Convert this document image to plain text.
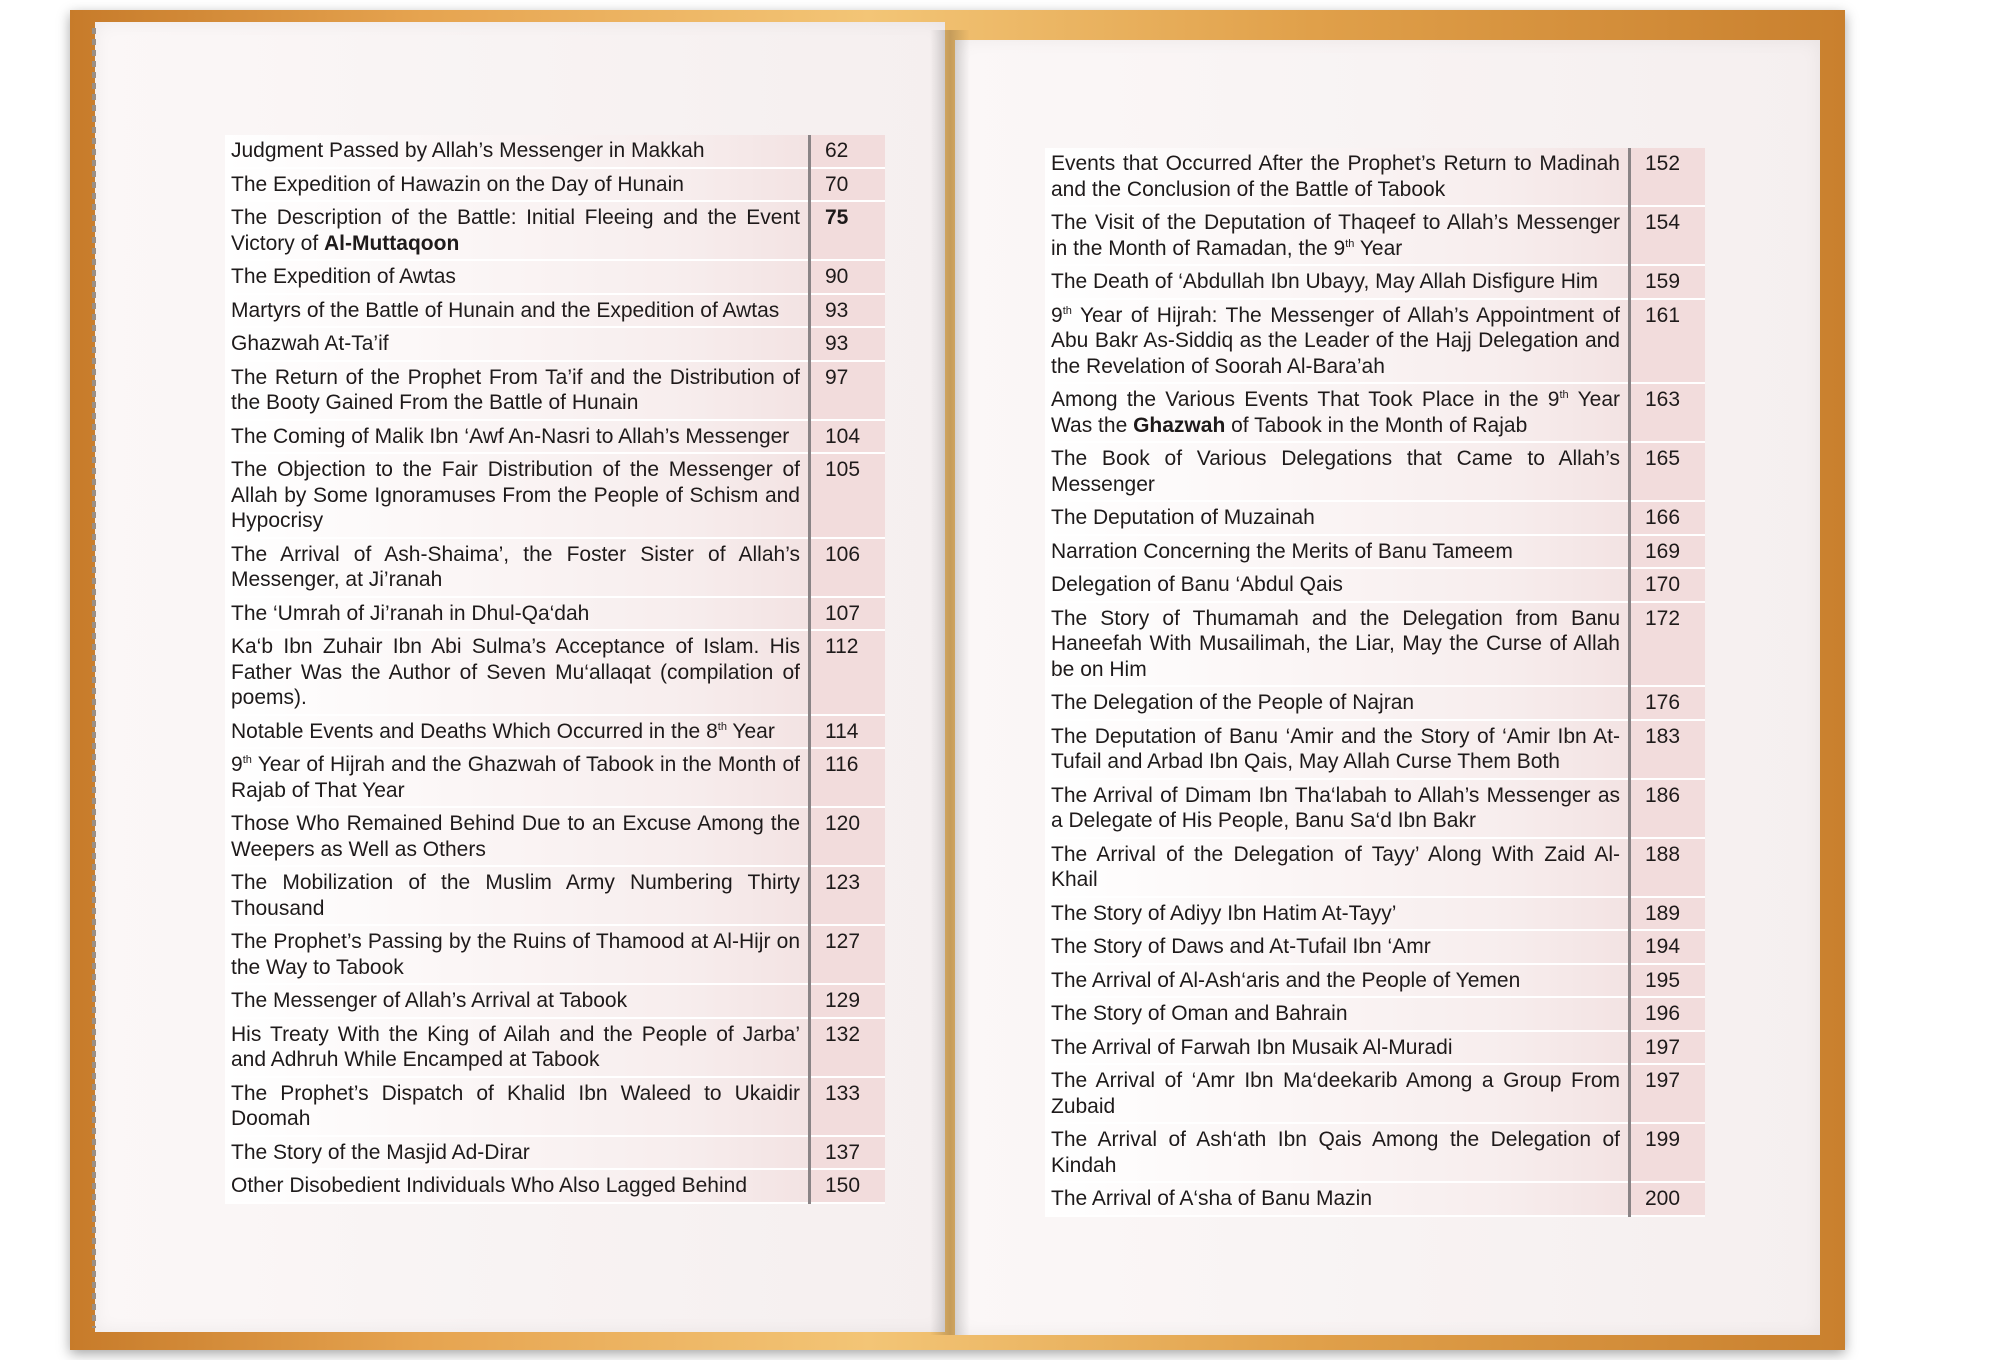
Judgment Passed by Allah’s Messenger in Makkah	62
The Expedition of Hawazin on the Day of Hunain	70
The Description of the Battle: Initial Fleeing and the Event Victory of Al-Muttaqoon	75
The Expedition of Awtas	90
Martyrs of the Battle of Hunain and the Expedition of Awtas	93
Ghazwah At-Ta’if	93
The Return of the Prophet From Ta’if and the Distribution of the Booty Gained From the Battle of Hunain	97
The Coming of Malik Ibn ‘Awf An-Nasri to Allah’s Messenger	104
The Objection to the Fair Distribution of the Messenger of Allah by Some Ignoramuses From the People of Schism and Hypocrisy	105
The Arrival of Ash-Shaima’, the Foster Sister of Allah’s Messenger, at Ji’ranah	106
The ‘Umrah of Ji’ranah in Dhul-Qa‘dah	107
Ka‘b Ibn Zuhair Ibn Abi Sulma’s Acceptance of Islam. His Father Was the Author of Seven Mu‘allaqat (compilation of poems).	112
Notable Events and Deaths Which Occurred in the 8th Year	114
9th Year of Hijrah and the Ghazwah of Tabook in the Month of Rajab of That Year	116
Those Who Remained Behind Due to an Excuse Among the Weepers as Well as Others	120
The Mobilization of the Muslim Army Numbering Thirty Thousand	123
The Prophet’s Passing by the Ruins of Thamood at Al-Hijr on the Way to Tabook	127
The Messenger of Allah’s Arrival at Tabook	129
His Treaty With the King of Ailah and the People of Jarba’ and Adhruh While Encamped at Tabook	132
The Prophet’s Dispatch of Khalid Ibn Waleed to Ukaidir Doomah	133
The Story of the Masjid Ad-Dirar	137
Other Disobedient Individuals Who Also Lagged Behind	150
Events that Occurred After the Prophet’s Return to Madinah and the Conclusion of the Battle of Tabook	152
The Visit of the Deputation of Thaqeef to Allah’s Messenger in the Month of Ramadan, the 9th Year	154
The Death of ‘Abdullah Ibn Ubayy, May Allah Disfigure Him	159
9th Year of Hijrah: The Messenger of Allah’s Appointment of Abu Bakr As-Siddiq as the Leader of the Hajj Delegation and the Revelation of Soorah Al-Bara’ah	161
Among the Various Events That Took Place in the 9th Year Was the Ghazwah of Tabook in the Month of Rajab	163
The Book of Various Delegations that Came to Allah’s Messenger	165
The Deputation of Muzainah	166
Narration Concerning the Merits of Banu Tameem	169
Delegation of Banu ‘Abdul Qais	170
The Story of Thumamah and the Delegation from Banu Haneefah With Musailimah, the Liar, May the Curse of Allah be on Him	172
The Delegation of the People of Najran	176
The Deputation of Banu ‘Amir and the Story of ‘Amir Ibn At-Tufail and Arbad Ibn Qais, May Allah Curse Them Both	183
The Arrival of Dimam Ibn Tha‘labah to Allah’s Messenger as a Delegate of His People, Banu Sa‘d Ibn Bakr	186
The Arrival of the Delegation of Tayy’ Along With Zaid Al-Khail	188
The Story of Adiyy Ibn Hatim At-Tayy’	189
The Story of Daws and At-Tufail Ibn ‘Amr	194
The Arrival of Al-Ash‘aris and the People of Yemen	195
The Story of Oman and Bahrain	196
The Arrival of Farwah Ibn Musaik Al-Muradi	197
The Arrival of ‘Amr Ibn Ma‘deekarib Among a Group From Zubaid	197
The Arrival of Ash‘ath Ibn Qais Among the Delegation of Kindah	199
The Arrival of A‘sha of Banu Mazin	200
